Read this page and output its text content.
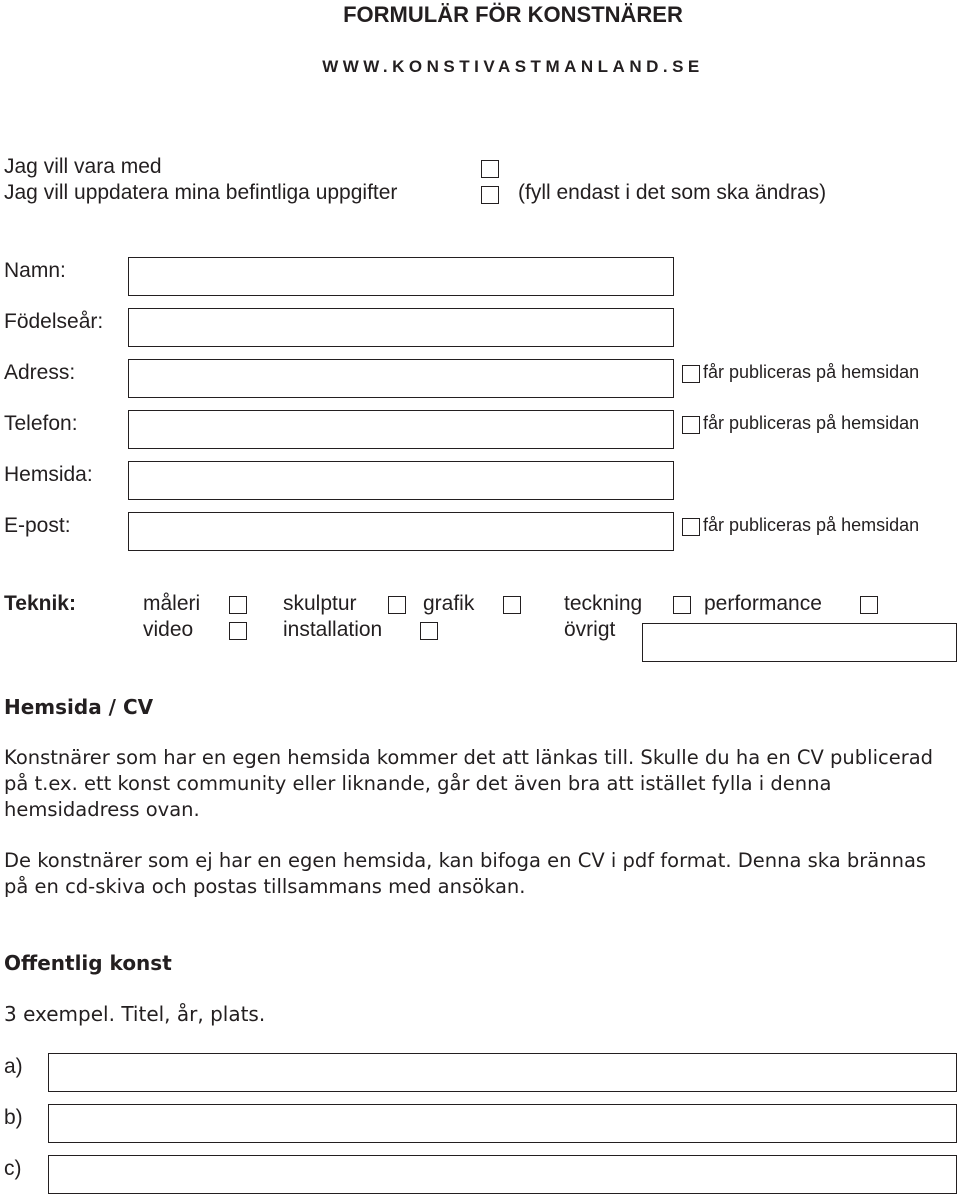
FORMULÄR FÖR KONSTNÄRER
WWW.KONSTIVASTMANLAND.SE
Jag vill vara med
Jag vill uppdatera mina befintliga uppgifter	(fyll endast i det som ska ändras)
Namn:
Födelseår:
Adress:	får publiceras på hemsidan
Telefon:	får publiceras på hemsidan
Hemsida:
E-post:	får publiceras på hemsidan
Teknik:	måleri	skulptur	grafik	teckning	performance
video	installation	övrigt
Hemsida / CV
Konstnärer som har en egen hemsida kommer det att länkas till. Skulle du ha en CV publicerad på t.ex. ett konst community eller liknande, går det även bra att istället fylla i denna hemsidadress ovan.
De konstnärer som ej har en egen hemsida, kan bifoga en CV i pdf format. Denna ska brännas på en cd-skiva och postas tillsammans med ansökan.
Offentlig konst
3 exempel. Titel, år, plats.
a)
b)
c)
